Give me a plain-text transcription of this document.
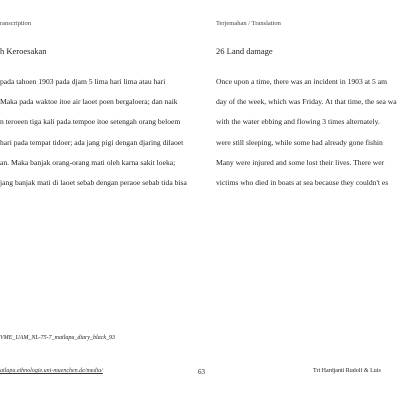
ranscription
h Keroesakan
pada tahoen 1903 pada djam 5 lima hari lima atau hari
Maka pada waktoe itoe air laoet poen bergaloera; dan naik
n teroeen tiga kali pada tempoe itoe setengah orang beloem
hari pada tempat tidoer; ada jang pigi dengan djaring dilaoet
an. Maka banjak orang-orang mati oleh karna sakit loeka;
jang banjak mati di laoet sebab dengan peraoe sebab tida bisa
Terjemahan / Translation
26 Land damage
Once upon a time, there was an incident in 1903 at 5 am
day of the week, which was Friday. At that time, the sea wa
with the water ebbing and flowing 3 times alternately.
were still sleeping, while some had already gone fishin
Many were injured and some lost their lives. There wer
victims who died in boats at sea because they couldn't es
VME_UAM_NL-75-7_matlapu_diary_black_93
atlapu.ethnologie.uni-muenchen.de/media/	63	Tri Hardjanti Rudolf & Luis
